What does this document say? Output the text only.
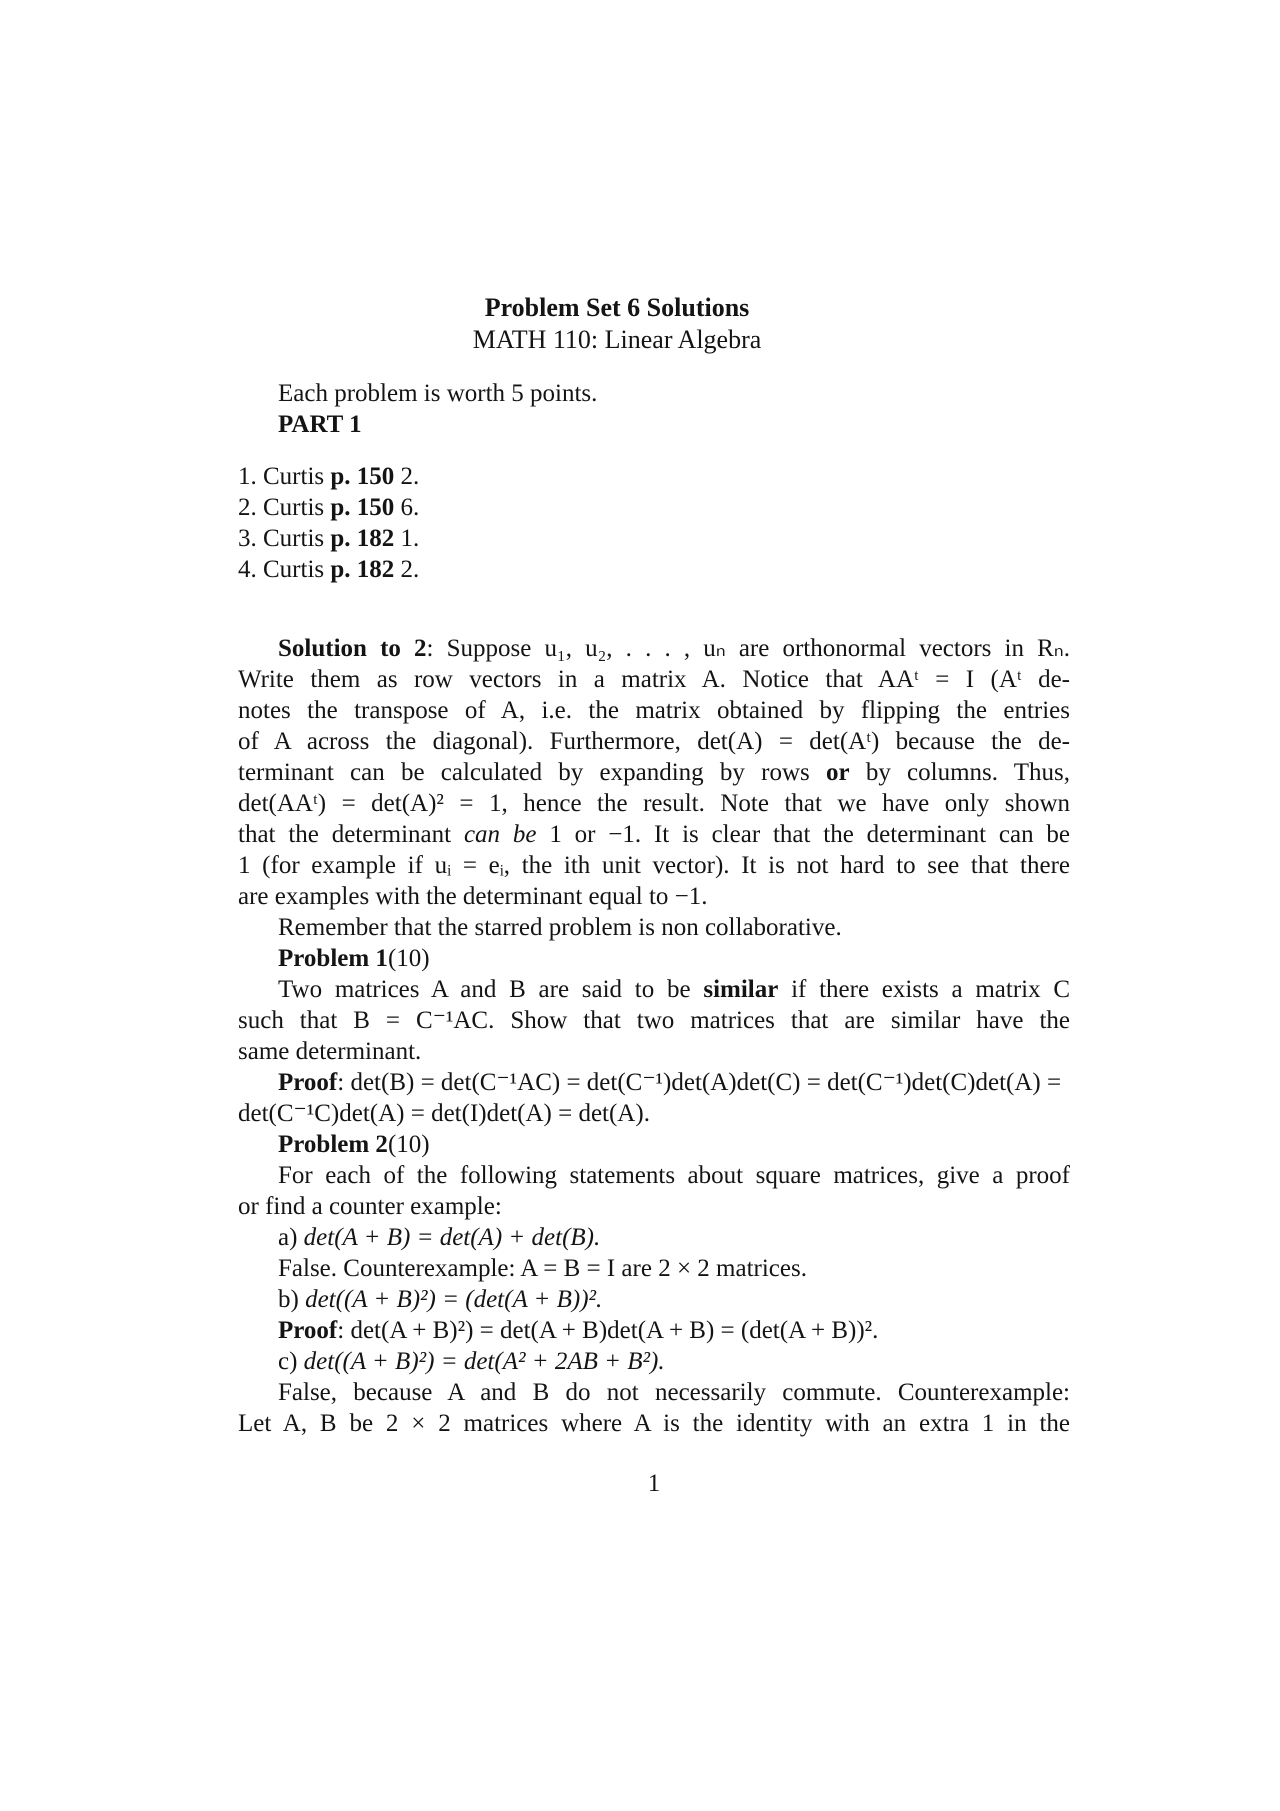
Problem Set 6 Solutions
MATH 110: Linear Algebra
Each problem is worth 5 points.
PART 1
1. Curtis p. 150 2.
2. Curtis p. 150 6.
3. Curtis p. 182 1.
4. Curtis p. 182 2.
Solution to 2: Suppose u₁, u₂, . . . , uₙ are orthonormal vectors in Rₙ.
Write them as row vectors in a matrix A. Notice that AAᵗ = I (Aᵗ de-
notes the transpose of A, i.e. the matrix obtained by flipping the entries
of A across the diagonal). Furthermore, det(A) = det(Aᵗ) because the de-
terminant can be calculated by expanding by rows or by columns. Thus,
det(AAᵗ) = det(A)² = 1, hence the result. Note that we have only shown
that the determinant can be 1 or −1. It is clear that the determinant can be
1 (for example if uᵢ = eᵢ, the ith unit vector). It is not hard to see that there
are examples with the determinant equal to −1.
Remember that the starred problem is non collaborative.
Problem 1(10)
Two matrices A and B are said to be similar if there exists a matrix C
such that B = C⁻¹AC. Show that two matrices that are similar have the
same determinant.
Proof: det(B) = det(C⁻¹AC) = det(C⁻¹)det(A)det(C) = det(C⁻¹)det(C)det(A) =
det(C⁻¹C)det(A) = det(I)det(A) = det(A).
Problem 2(10)
For each of the following statements about square matrices, give a proof
or find a counter example:
a) det(A + B) = det(A) + det(B).
False. Counterexample: A = B = I are 2 × 2 matrices.
b) det((A + B)²) = (det(A + B))².
Proof: det(A + B)²) = det(A + B)det(A + B) = (det(A + B))².
c) det((A + B)²) = det(A² + 2AB + B²).
False, because A and B do not necessarily commute. Counterexample:
Let A, B be 2 × 2 matrices where A is the identity with an extra 1 in the
1
